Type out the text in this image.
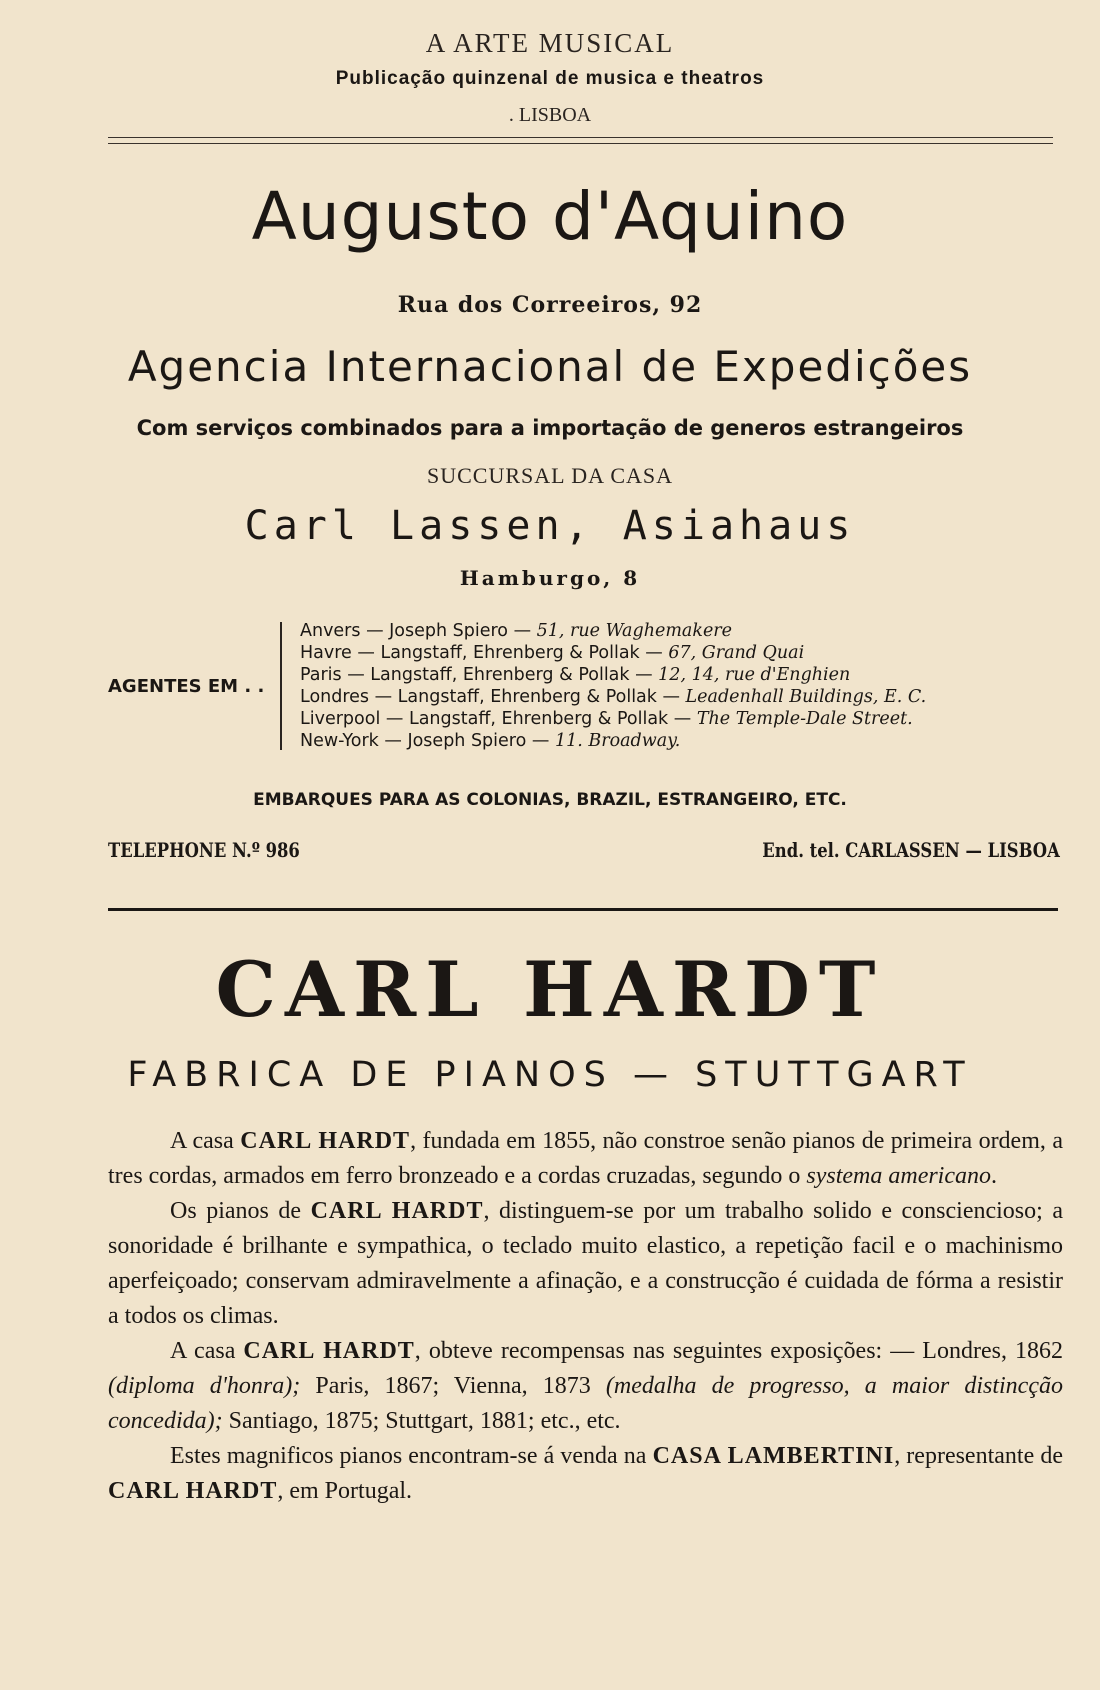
A ARTE MUSICAL
Publicação quinzenal de musica e theatros
. LISBOA
Augusto d'Aquino
Rua dos Correeiros, 92
Agencia Internacional de Expedições
Com serviços combinados para a importação de generos estrangeiros
SUCCURSAL DA CASA
Carl Lassen, Asiahaus
Hamburgo, 8
AGENTES EM . .
Anvers — Joseph Spiero — 51, rue Waghemakere
Havre — Langstaff, Ehrenberg & Pollak — 67, Grand Quai
Paris — Langstaff, Ehrenberg & Pollak — 12, 14, rue d'Enghien
Londres — Langstaff, Ehrenberg & Pollak — Leadenhall Buildings, E. C.
Liverpool — Langstaff, Ehrenberg & Pollak — The Temple-Dale Street.
New-York — Joseph Spiero — 11. Broadway.
EMBARQUES PARA AS COLONIAS, BRAZIL, ESTRANGEIRO, ETC.
TELEPHONE N.º 986	End. tel. CARLASSEN — LISBOA
CARL HARDT
FABRICA DE PIANOS — STUTTGART

A casa CARL HARDT, fundada em 1855, não constroe senão pianos de primeira ordem, a tres cordas, armados em ferro bronzeado e a cordas cruzadas, segundo o systema americano.

Os pianos de CARL HARDT, distinguem-se por um trabalho solido e consciencioso; a sonoridade é brilhante e sympathica, o teclado muito elastico, a repetição facil e o machinismo aperfeiçoado; conservam admiravelmente a afinação, e a construcção é cuidada de fórma a resistir a todos os climas.

A casa CARL HARDT, obteve recompensas nas seguintes exposições: — Londres, 1862 (diploma d'honra); Paris, 1867; Vienna, 1873 (medalha de progresso, a maior distincção concedida); Santiago, 1875; Stuttgart, 1881; etc., etc.

Estes magnificos pianos encontram-se á venda na CASA LAMBERTINI, representante de CARL HARDT, em Portugal.
